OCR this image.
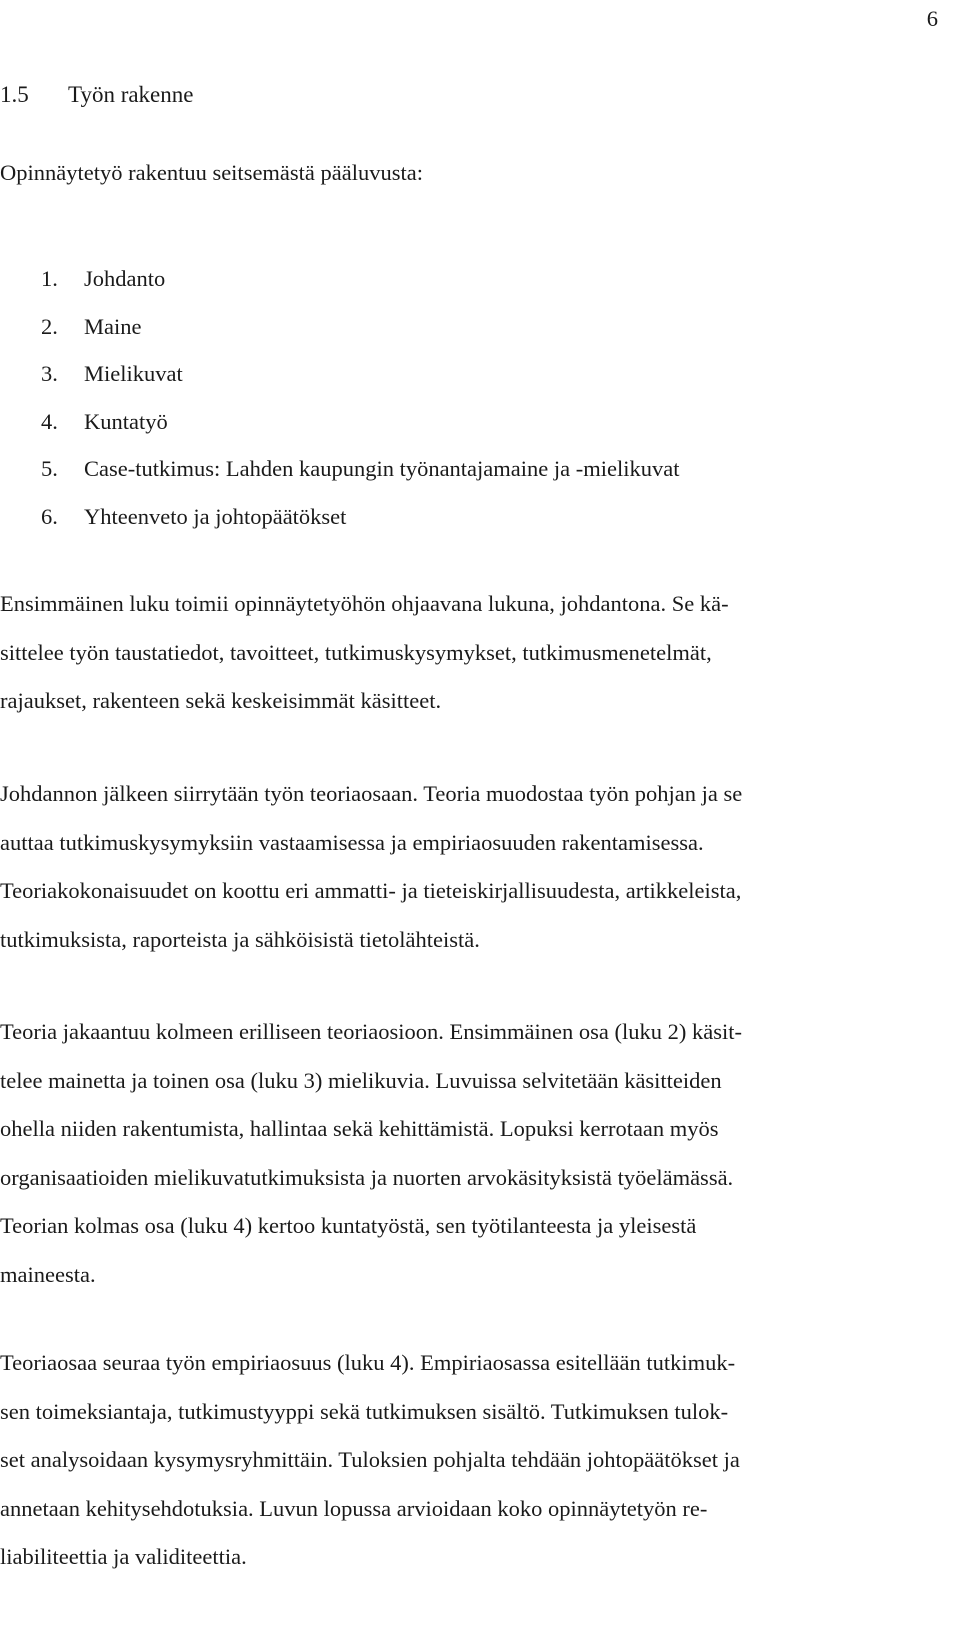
6
1.5 Työn rakenne

Opinnäytetyö rakentuu seitsemästä pääluvusta:

1. Johdanto
2. Maine
3. Mielikuvat
4. Kuntatyö
5. Case-tutkimus: Lahden kaupungin työnantajamaine ja -mielikuvat
6. Yhteenveto ja johtopäätökset

Ensimmäinen luku toimii opinnäytetyöhön ohjaavana lukuna, johdantona. Se kä-
sittelee työn taustatiedot, tavoitteet, tutkimuskysymykset, tutkimusmenetelmät,
rajaukset, rakenteen sekä keskeisimmät käsitteet.

Johdannon jälkeen siirrytään työn teoriaosaan. Teoria muodostaa työn pohjan ja se
auttaa tutkimuskysymyksiin vastaamisessa ja empiriaosuuden rakentamisessa.
Teoriakokonaisuudet on koottu eri ammatti- ja tieteiskirjallisuudesta, artikkeleista,
tutkimuksista, raporteista ja sähköisistä tietolähteistä.

Teoria jakaantuu kolmeen erilliseen teoriaosioon. Ensimmäinen osa (luku 2) käsit-
telee mainetta ja toinen osa (luku 3) mielikuvia. Luvuissa selvitetään käsitteiden
ohella niiden rakentumista, hallintaa sekä kehittämistä. Lopuksi kerrotaan myös
organisaatioiden mielikuvatutkimuksista ja nuorten arvokäsityksistä työelämässä.
Teorian kolmas osa (luku 4) kertoo kuntatyöstä, sen työtilanteesta ja yleisestä
maineesta.

Teoriaosaa seuraa työn empiriaosuus (luku 4). Empiriaosassa esitellään tutkimuk-
sen toimeksiantaja, tutkimustyyppi sekä tutkimuksen sisältö. Tutkimuksen tulok-
set analysoidaan kysymysryhmittäin. Tuloksien pohjalta tehdään johtopäätökset ja
annetaan kehitysehdotuksia. Luvun lopussa arvioidaan koko opinnäytetyön re-
liabiliteettia ja validiteettia.
